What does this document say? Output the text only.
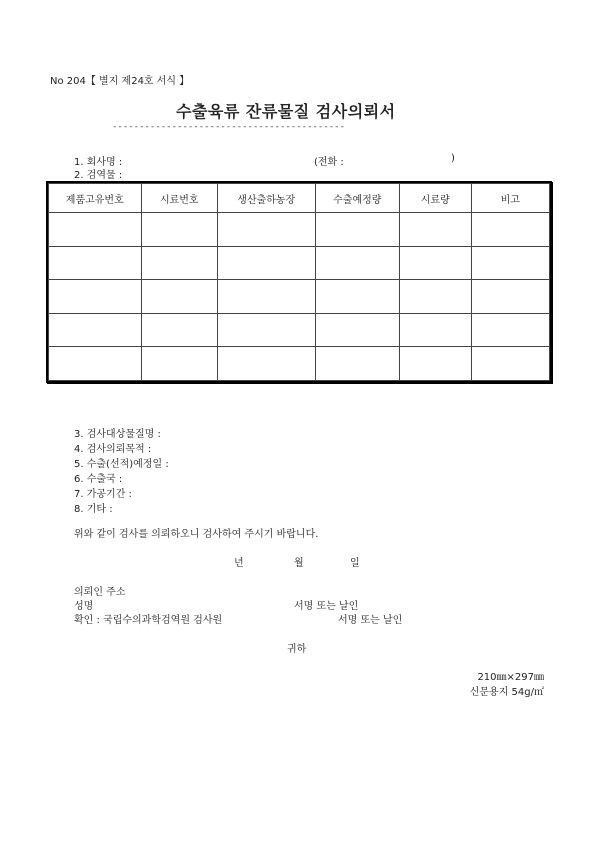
No 204【 별지 제24호 서식 】
수출육류 잔류물질 검사의뢰서
-------------------------------------------
1. 회사명 :	(전화 :	)
2. 검역물 :
제품고유번호	시료번호	생산출하농장	수출예정량	시료량	비고

3. 검사대상물질명 :
4. 검사의뢰목적 :
5. 수출(선적)예정일 :
6. 수출국 :
7. 가공기간 :
8. 기타 :
위와 같이 검사를 의뢰하오니 검사하여 주시기 바랍니다.
년	월	일
의뢰인 주소
성명	서명 또는 날인
확인 : 국립수의과학검역원 검사원	서명 또는 날인
귀하
210㎜×297㎜
신문용지 54g/㎡
